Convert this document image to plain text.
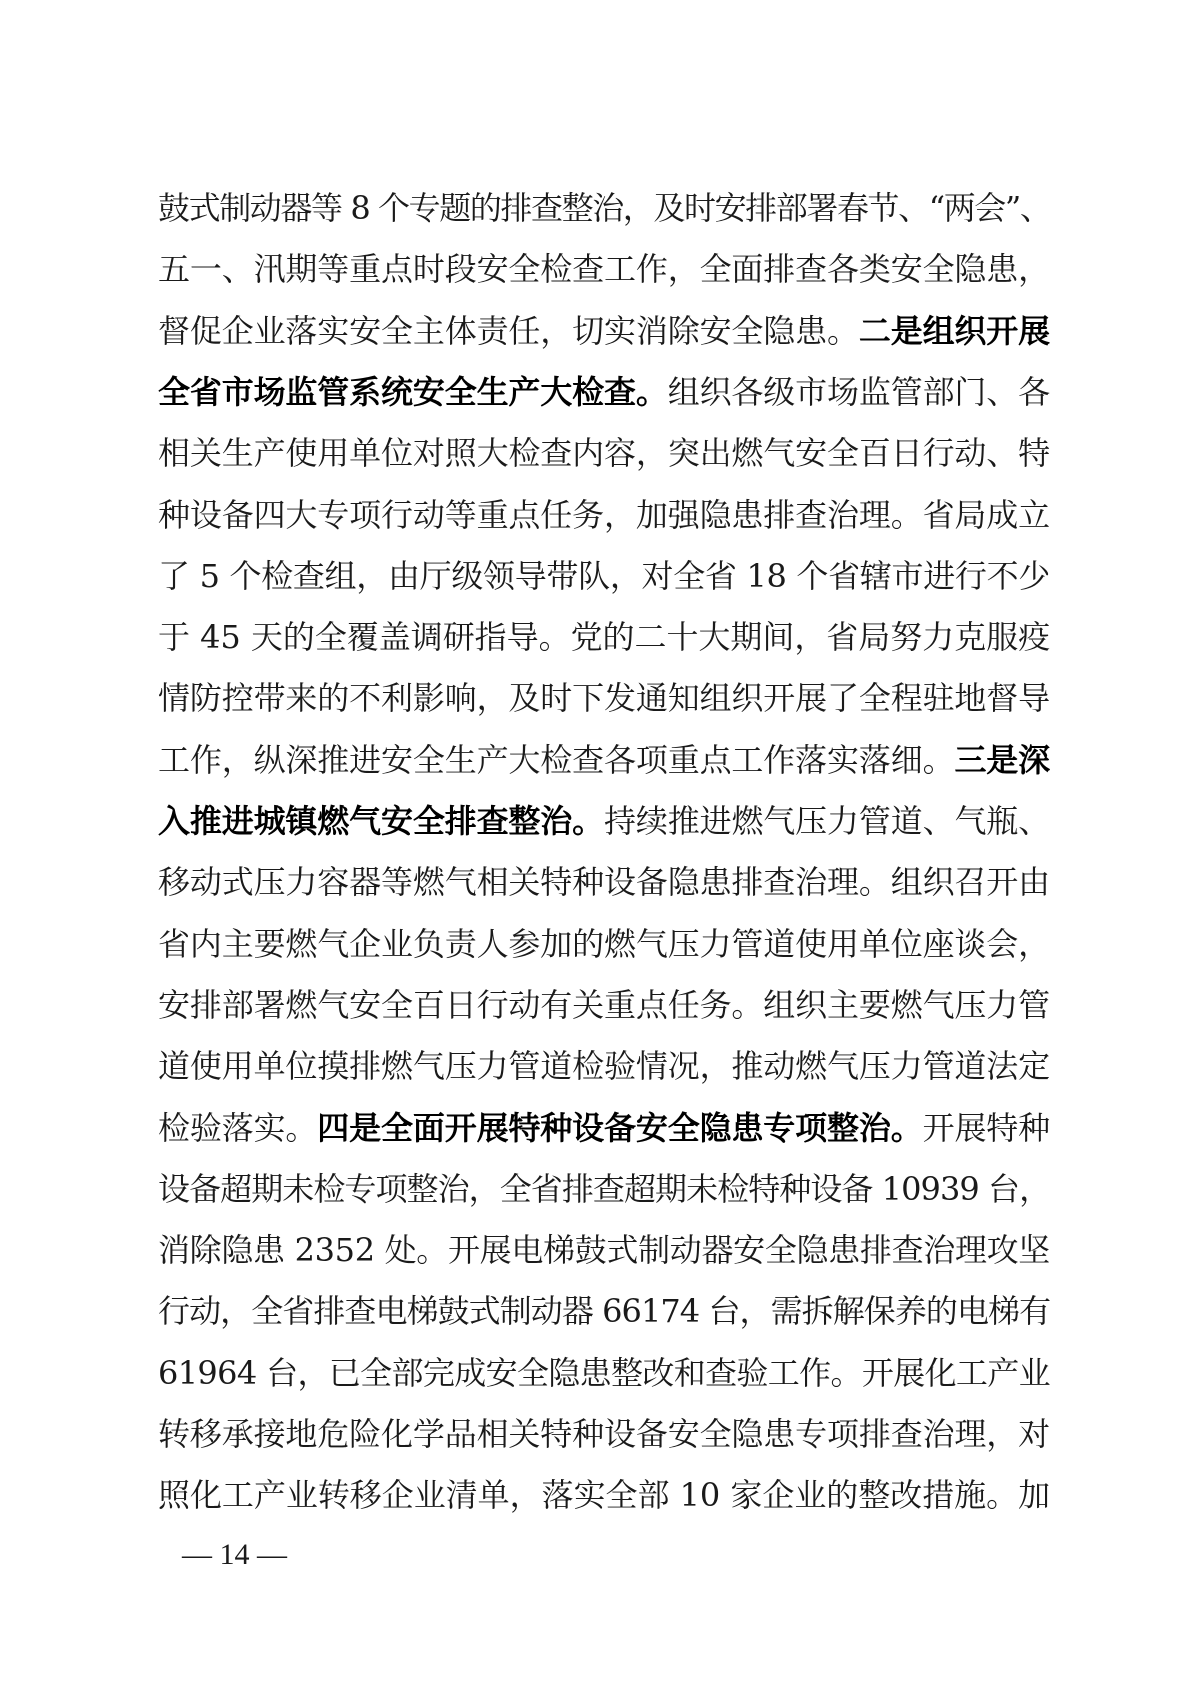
鼓式制动器等 8 个专题的排查整治，及时安排部署春节、“两会”、
五一、汛期等重点时段安全检查工作，全面排查各类安全隐患，
督促企业落实安全主体责任，切实消除安全隐患。二是组织开展
全省市场监管系统安全生产大检查。组织各级市场监管部门、各
相关生产使用单位对照大检查内容，突出燃气安全百日行动、特
种设备四大专项行动等重点任务，加强隐患排查治理。省局成立
了 5 个检查组，由厅级领导带队，对全省 18 个省辖市进行不少
于 45 天的全覆盖调研指导。党的二十大期间，省局努力克服疫
情防控带来的不利影响，及时下发通知组织开展了全程驻地督导
工作，纵深推进安全生产大检查各项重点工作落实落细。三是深
入推进城镇燃气安全排查整治。持续推进燃气压力管道、气瓶、
移动式压力容器等燃气相关特种设备隐患排查治理。组织召开由
省内主要燃气企业负责人参加的燃气压力管道使用单位座谈会，
安排部署燃气安全百日行动有关重点任务。组织主要燃气压力管
道使用单位摸排燃气压力管道检验情况，推动燃气压力管道法定
检验落实。四是全面开展特种设备安全隐患专项整治。开展特种
设备超期未检专项整治，全省排查超期未检特种设备 10939 台，
消除隐患 2352 处。开展电梯鼓式制动器安全隐患排查治理攻坚
行动，全省排查电梯鼓式制动器 66174 台，需拆解保养的电梯有
61964 台，已全部完成安全隐患整改和查验工作。开展化工产业
转移承接地危险化学品相关特种设备安全隐患专项排查治理，对
照化工产业转移企业清单，落实全部 10 家企业的整改措施。加
— 14 —
